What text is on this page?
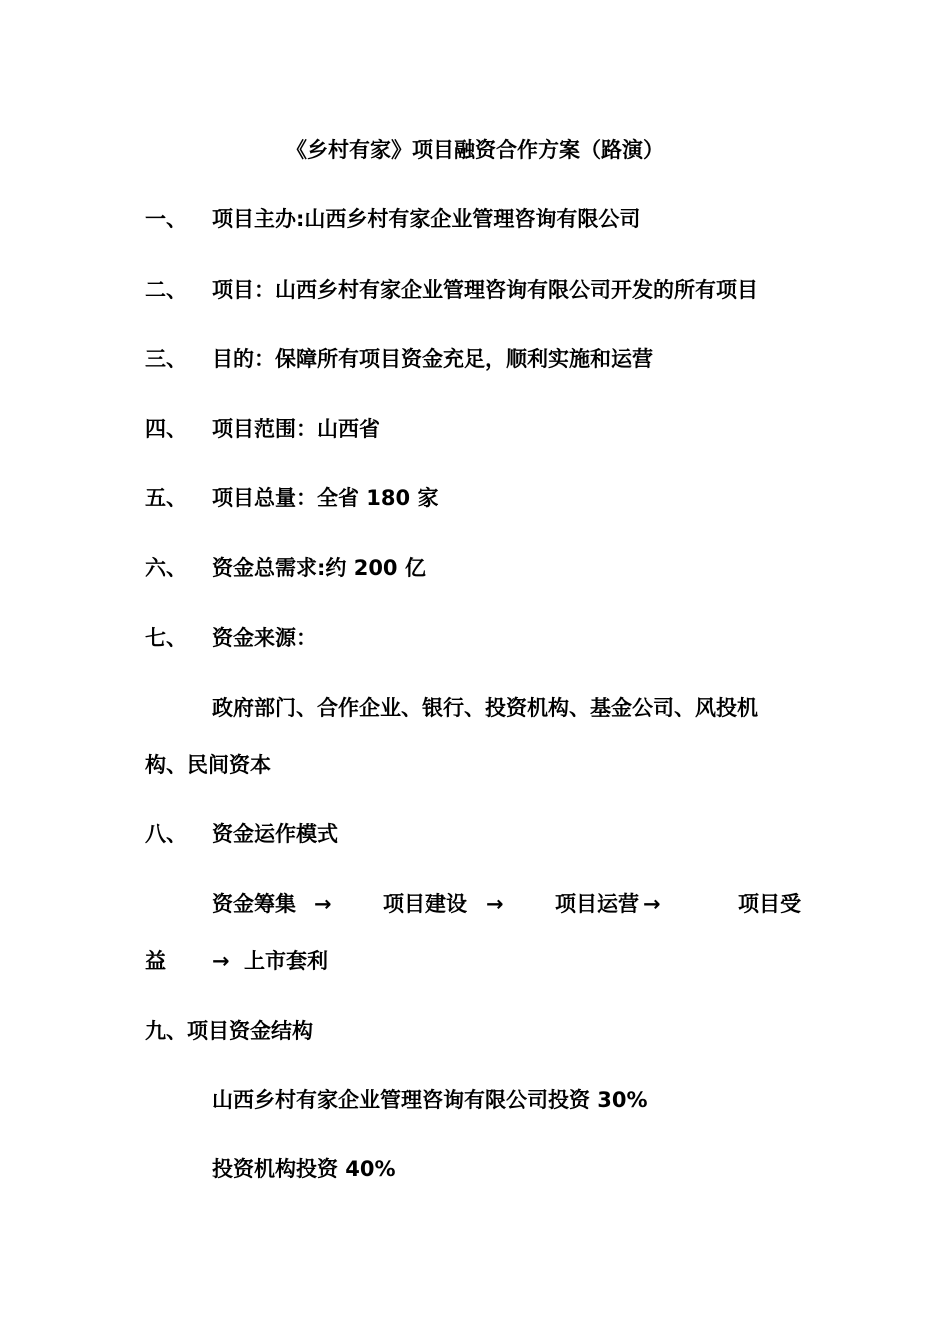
《乡村有家》项目融资合作方案（路演）
一、 项目主办:山西乡村有家企业管理咨询有限公司
二、 项目：山西乡村有家企业管理咨询有限公司开发的所有项目
三、 目的：保障所有项目资金充足，顺利实施和运营
四、 项目范围：山西省
五、 项目总量：全省 180 家
六、 资金总需求:约 200 亿
七、 资金来源：
政府部门、合作企业、银行、投资机构、基金公司、风投机
构、民间资本
八、 资金运作模式
资金筹集 → 项目建设 → 项目运营 →	项目受
益 → 上市套利
九、项目资金结构
山西乡村有家企业管理咨询有限公司投资 30%
投资机构投资 40%
